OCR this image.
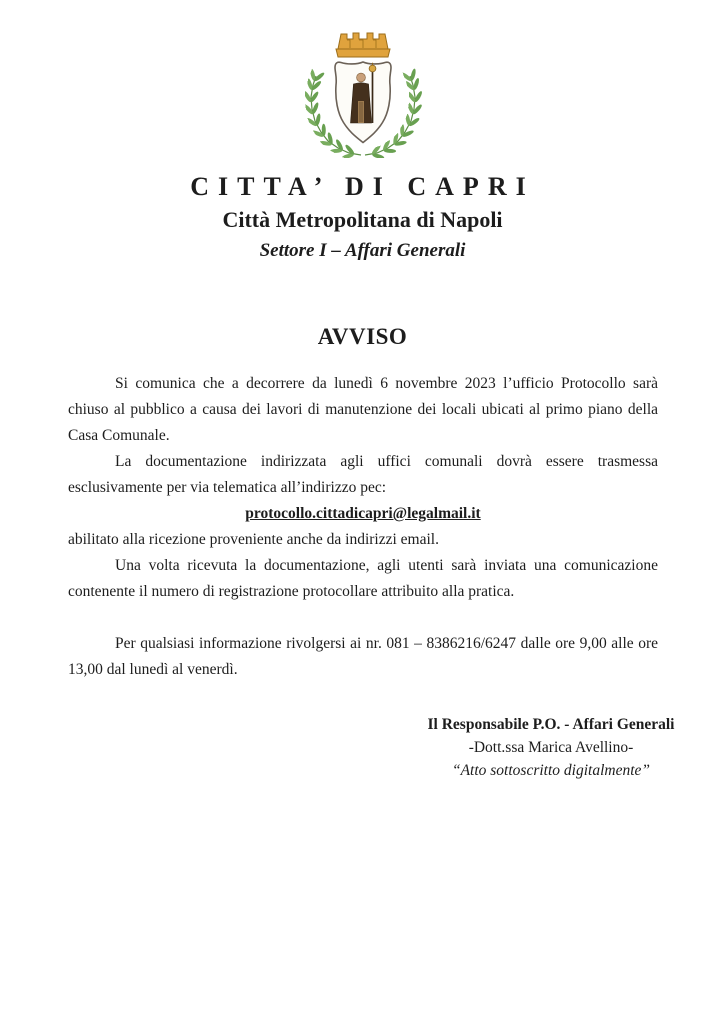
CITTA’ DI CAPRI
Città Metropolitana di Napoli
Settore I – Affari Generali
AVVISO

Si comunica che a decorrere da lunedì 6 novembre 2023 l’ufficio Protocollo sarà chiuso al pubblico a causa dei lavori di manutenzione dei locali ubicati al primo piano della Casa Comunale.

La documentazione indirizzata agli uffici comunali dovrà essere trasmessa esclusivamente per via telematica all’indirizzo pec:

protocollo.cittadicapri@legalmail.it

abilitato alla ricezione proveniente anche da indirizzi email.

Una volta ricevuta la documentazione, agli utenti sarà inviata una comunicazione contenente il numero di registrazione protocollare attribuito alla pratica.

Per qualsiasi informazione rivolgersi ai nr. 081 – 8386216/6247 dalle ore 9,00 alle ore 13,00 dal lunedì al venerdì.

Il Responsabile P.O. - Affari Generali
-Dott.ssa Marica Avellino-
“Atto sottoscritto digitalmente”
